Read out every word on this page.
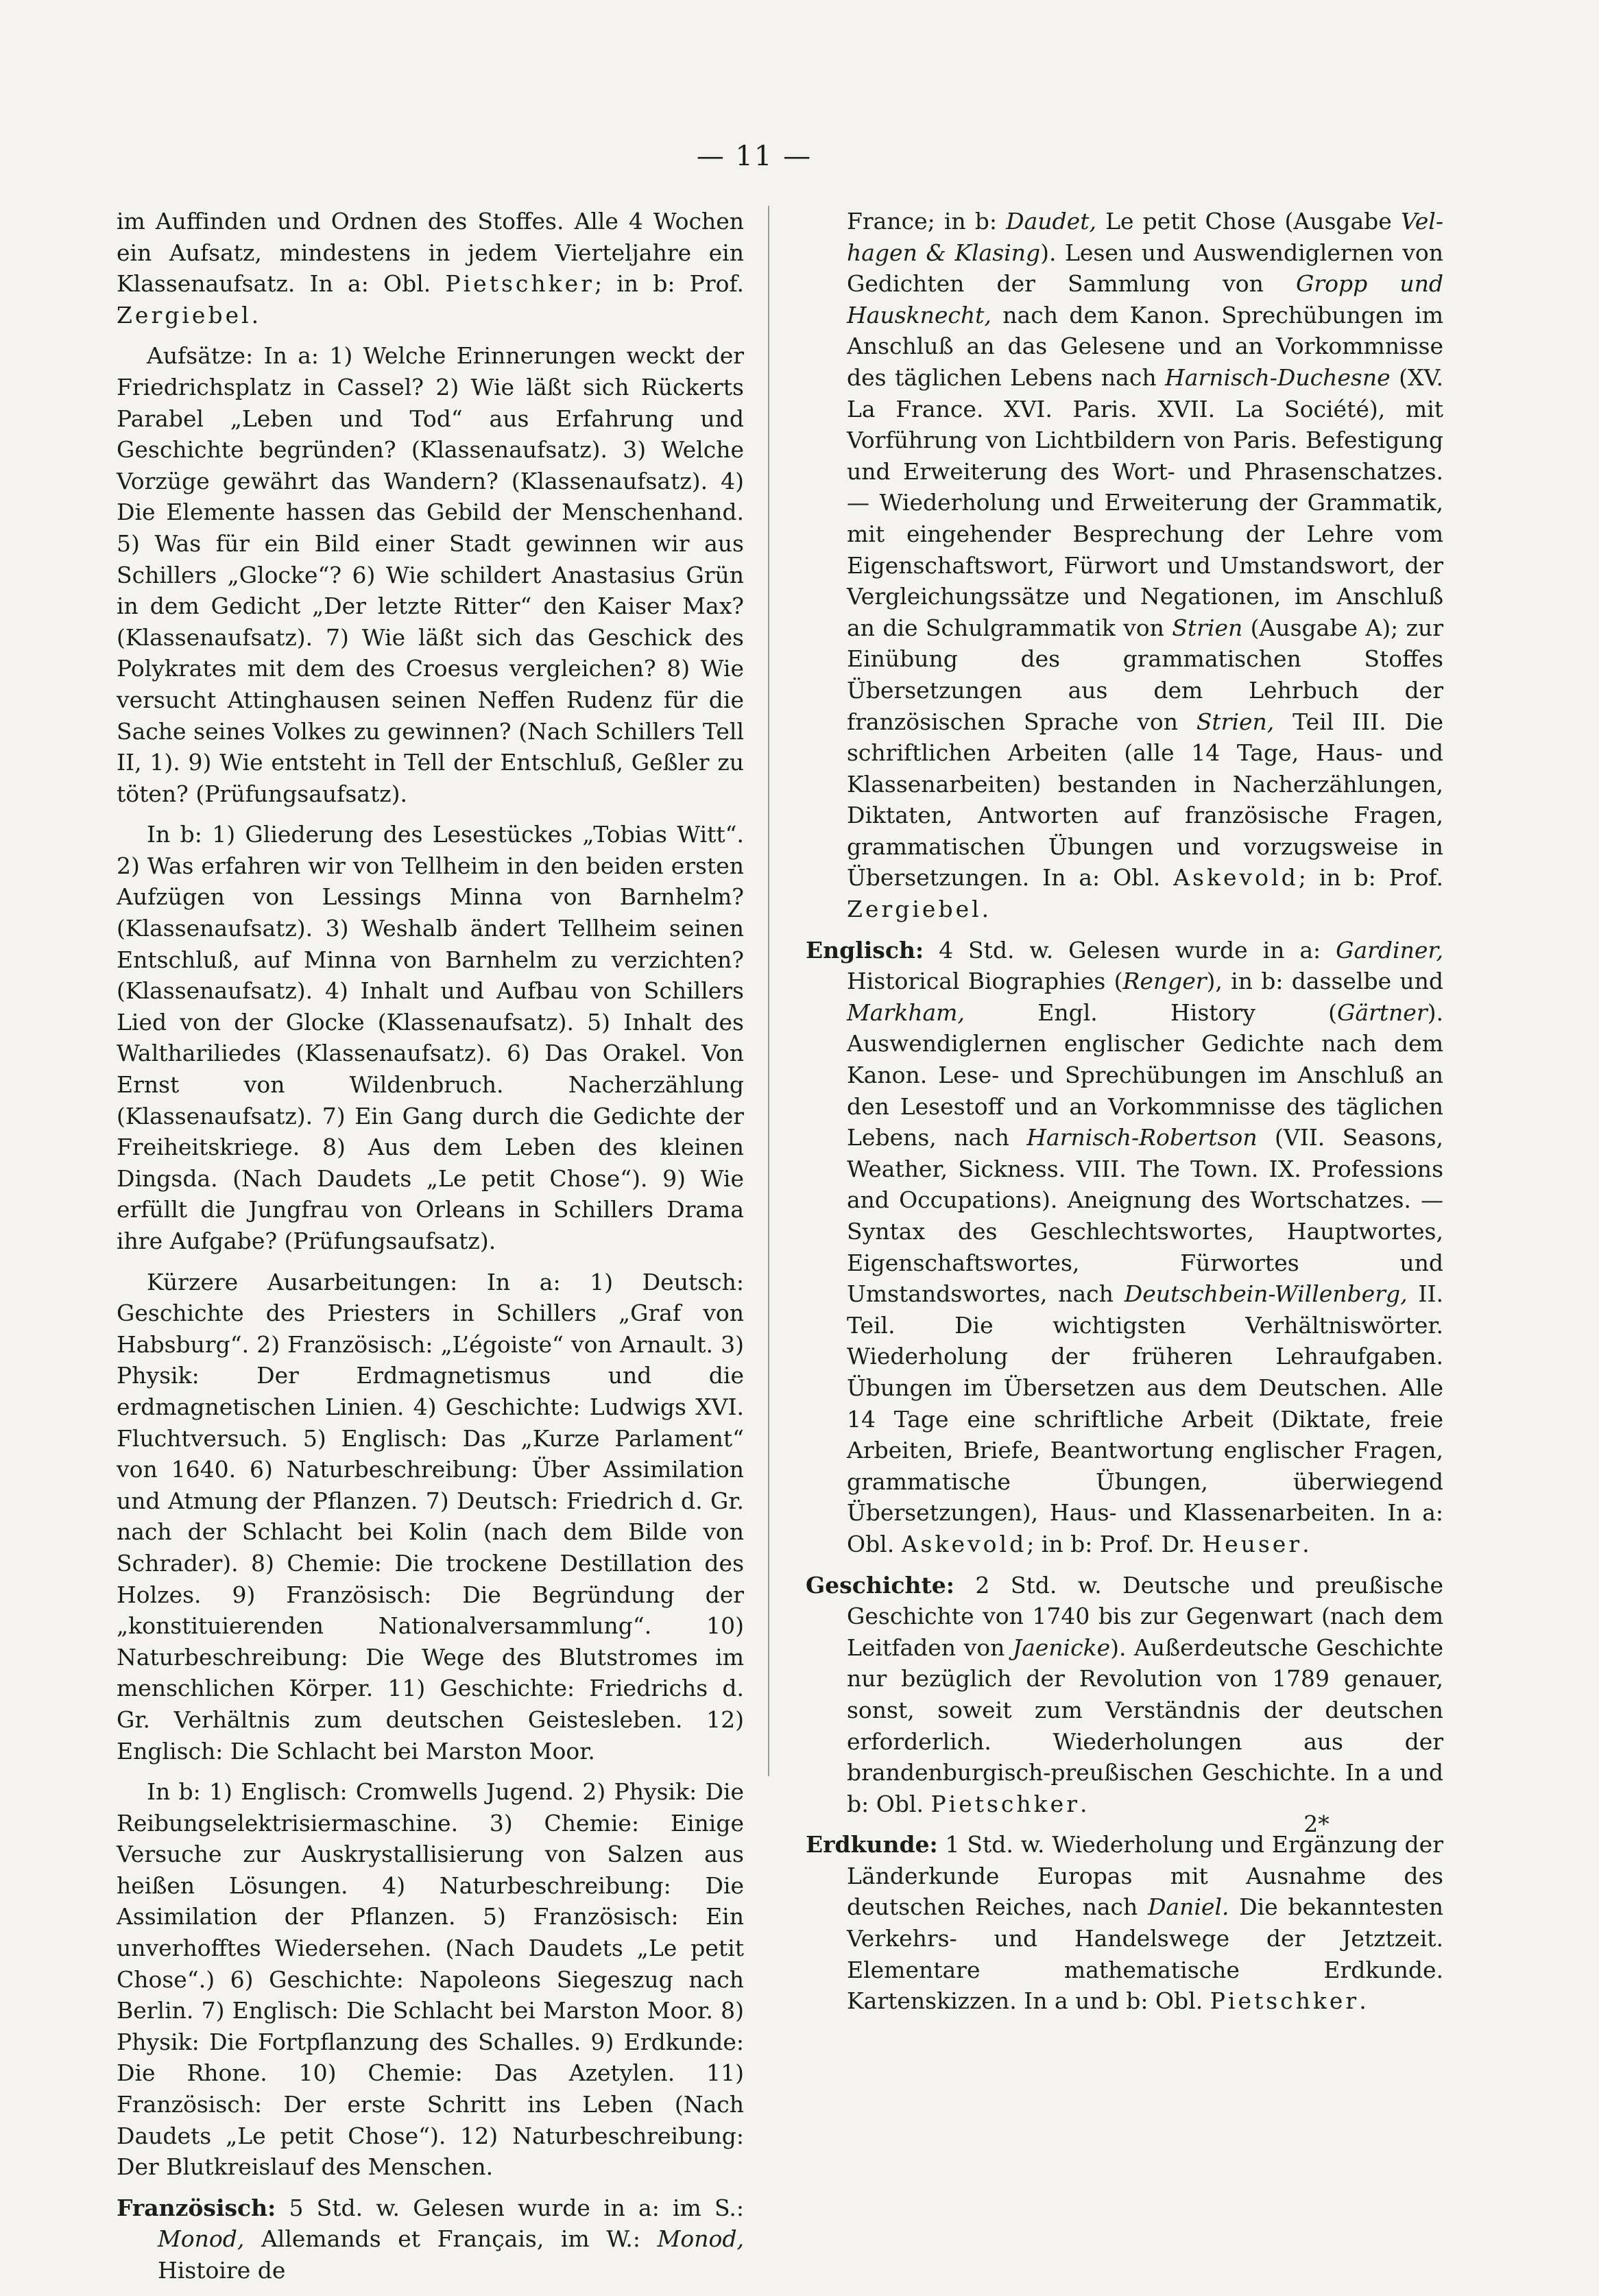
— 11 —

im Auffinden und Ordnen des Stoffes. Alle 4 Wochen ein Aufsatz, mindestens in jedem Vierteljahre ein Klassenaufsatz. In a: Obl. Pietschker; in b: Prof. Zergiebel.

Aufsätze: In a: 1) Welche Erinnerungen weckt der Friedrichsplatz in Cassel? 2) Wie läßt sich Rückerts Parabel „Leben und Tod“ aus Erfahrung und Geschichte begründen? (Klassenaufsatz). 3) Welche Vorzüge gewährt das Wandern? (Klassenaufsatz). 4) Die Elemente hassen das Gebild der Menschenhand. 5) Was für ein Bild einer Stadt gewinnen wir aus Schillers „Glocke“? 6) Wie schildert Anastasius Grün in dem Gedicht „Der letzte Ritter“ den Kaiser Max? (Klassenaufsatz). 7) Wie läßt sich das Geschick des Polykrates mit dem des Croesus vergleichen? 8) Wie versucht Attinghausen seinen Neffen Rudenz für die Sache seines Volkes zu gewinnen? (Nach Schillers Tell II, 1). 9) Wie entsteht in Tell der Entschluß, Geßler zu töten? (Prüfungsaufsatz).

In b: 1) Gliederung des Lesestückes „Tobias Witt“. 2) Was erfahren wir von Tellheim in den beiden ersten Aufzügen von Lessings Minna von Barnhelm? (Klassenaufsatz). 3) Weshalb ändert Tellheim seinen Entschluß, auf Minna von Barnhelm zu verzichten? (Klassenaufsatz). 4) Inhalt und Aufbau von Schillers Lied von der Glocke (Klassenaufsatz). 5) Inhalt des Walthariliedes (Klassenaufsatz). 6) Das Orakel. Von Ernst von Wildenbruch. Nacherzählung (Klassenaufsatz). 7) Ein Gang durch die Gedichte der Freiheitskriege. 8) Aus dem Leben des kleinen Dingsda. (Nach Daudets „Le petit Chose“). 9) Wie erfüllt die Jungfrau von Orleans in Schillers Drama ihre Aufgabe? (Prüfungsaufsatz).

Kürzere Ausarbeitungen: In a: 1) Deutsch: Geschichte des Priesters in Schillers „Graf von Habsburg“. 2) Französisch: „L’égoiste“ von Arnault. 3) Physik: Der Erdmagnetismus und die erdmagnetischen Linien. 4) Geschichte: Ludwigs XVI. Fluchtversuch. 5) Englisch: Das „Kurze Parlament“ von 1640. 6) Naturbeschreibung: Über Assimilation und Atmung der Pflanzen. 7) Deutsch: Friedrich d. Gr. nach der Schlacht bei Kolin (nach dem Bilde von Schrader). 8) Chemie: Die trockene Destillation des Holzes. 9) Französisch: Die Begründung der „konstituierenden Nationalversammlung“. 10) Naturbeschreibung: Die Wege des Blutstromes im menschlichen Körper. 11) Geschichte: Friedrichs d. Gr. Verhältnis zum deutschen Geistesleben. 12) Englisch: Die Schlacht bei Marston Moor.

In b: 1) Englisch: Cromwells Jugend. 2) Physik: Die Reibungselektrisiermaschine. 3) Chemie: Einige Versuche zur Auskrystallisierung von Salzen aus heißen Lösungen. 4) Naturbeschreibung: Die Assimilation der Pflanzen. 5) Französisch: Ein unverhofftes Wiedersehen. (Nach Daudets „Le petit Chose“.) 6) Geschichte: Napoleons Siegeszug nach Berlin. 7) Englisch: Die Schlacht bei Marston Moor. 8) Physik: Die Fortpflanzung des Schalles. 9) Erdkunde: Die Rhone. 10) Chemie: Das Azetylen. 11) Französisch: Der erste Schritt ins Leben (Nach Daudets „Le petit Chose“). 12) Naturbeschreibung: Der Blutkreislauf des Menschen.

Französisch: 5 Std. w. Gelesen wurde in a: im S.: Monod, Allemands et Français, im W.: Monod, Histoire de

France; in b: Daudet, Le petit Chose (Ausgabe Velhagen & Klasing). Lesen und Auswendiglernen von Gedichten der Sammlung von Gropp und Hausknecht, nach dem Kanon. Sprechübungen im Anschluß an das Gelesene und an Vorkommnisse des täglichen Lebens nach Harnisch-Duchesne (XV. La France. XVI. Paris. XVII. La Société), mit Vorführung von Lichtbildern von Paris. Befestigung und Erweiterung des Wort- und Phrasenschatzes. — Wiederholung und Erweiterung der Grammatik, mit eingehender Besprechung der Lehre vom Eigenschaftswort, Fürwort und Umstandswort, der Vergleichungssätze und Negationen, im Anschluß an die Schulgrammatik von Strien (Ausgabe A); zur Einübung des grammatischen Stoffes Übersetzungen aus dem Lehrbuch der französischen Sprache von Strien, Teil III. Die schriftlichen Arbeiten (alle 14 Tage, Haus- und Klassenarbeiten) bestanden in Nacherzählungen, Diktaten, Antworten auf französische Fragen, grammatischen Übungen und vorzugsweise in Übersetzungen. In a: Obl. Askevold; in b: Prof. Zergiebel.

Englisch: 4 Std. w. Gelesen wurde in a: Gardiner, Historical Biographies (Renger), in b: dasselbe und Markham, Engl. History (Gärtner). Auswendiglernen englischer Gedichte nach dem Kanon. Lese- und Sprechübungen im Anschluß an den Lesestoff und an Vorkommnisse des täglichen Lebens, nach Harnisch-Robertson (VII. Seasons, Weather, Sickness. VIII. The Town. IX. Professions and Occupations). Aneignung des Wortschatzes. — Syntax des Geschlechtswortes, Hauptwortes, Eigenschaftswortes, Fürwortes und Umstandswortes, nach Deutschbein-Willenberg, II. Teil. Die wichtigsten Verhältniswörter. Wiederholung der früheren Lehraufgaben. Übungen im Übersetzen aus dem Deutschen. Alle 14 Tage eine schriftliche Arbeit (Diktate, freie Arbeiten, Briefe, Beantwortung englischer Fragen, grammatische Übungen, überwiegend Übersetzungen), Haus- und Klassenarbeiten. In a: Obl. Askevold; in b: Prof. Dr. Heuser.

Geschichte: 2 Std. w. Deutsche und preußische Geschichte von 1740 bis zur Gegenwart (nach dem Leitfaden von Jaenicke). Außerdeutsche Geschichte nur bezüglich der Revolution von 1789 genauer, sonst, soweit zum Verständnis der deutschen erforderlich. Wiederholungen aus der brandenburgisch-preußischen Geschichte. In a und b: Obl. Pietschker.

Erdkunde: 1 Std. w. Wiederholung und Ergänzung der Länderkunde Europas mit Ausnahme des deutschen Reiches, nach Daniel. Die bekanntesten Verkehrs- und Handelswege der Jetztzeit. Elementare mathematische Erdkunde. Kartenskizzen. In a und b: Obl. Pietschker.

2*
